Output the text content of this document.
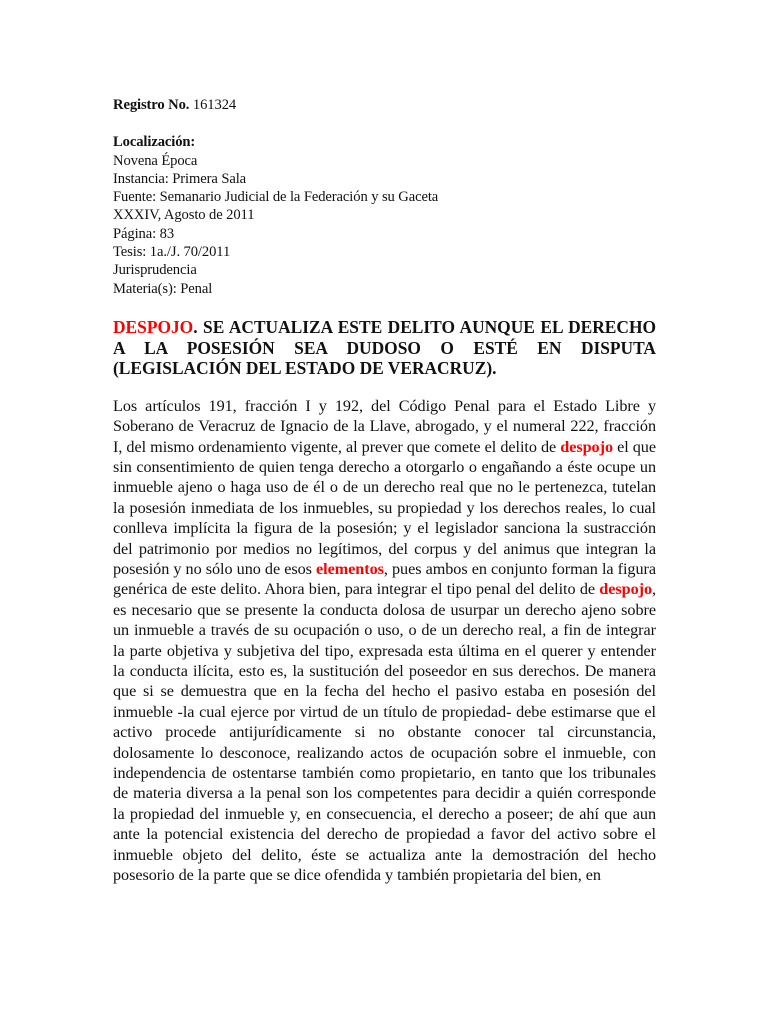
Registro No. 161324

Localización:

Novena Época

Instancia: Primera Sala

Fuente: Semanario Judicial de la Federación y su Gaceta

XXXIV, Agosto de 2011

Página: 83

Tesis: 1a./J. 70/2011

Jurisprudencia

Materia(s): Penal

DESPOJO. SE ACTUALIZA ESTE DELITO AUNQUE EL DERECHO A LA POSESIÓN SEA DUDOSO O ESTÉ EN DISPUTA (LEGISLACIÓN DEL ESTADO DE VERACRUZ).

Los artículos 191, fracción I y 192, del Código Penal para el Estado Libre y Soberano de Veracruz de Ignacio de la Llave, abrogado, y el numeral 222, fracción I, del mismo ordenamiento vigente, al prever que comete el delito de despojo el que sin consentimiento de quien tenga derecho a otorgarlo o engañando a éste ocupe un inmueble ajeno o haga uso de él o de un derecho real que no le pertenezca, tutelan la posesión inmediata de los inmuebles, su propiedad y los derechos reales, lo cual conlleva implícita la figura de la posesión; y el legislador sanciona la sustracción del patrimonio por medios no legítimos, del corpus y del animus que integran la posesión y no sólo uno de esos elementos, pues ambos en conjunto forman la figura genérica de este delito. Ahora bien, para integrar el tipo penal del delito de despojo, es necesario que se presente la conducta dolosa de usurpar un derecho ajeno sobre un inmueble a través de su ocupación o uso, o de un derecho real, a fin de integrar la parte objetiva y subjetiva del tipo, expresada esta última en el querer y entender la conducta ilícita, esto es, la sustitución del poseedor en sus derechos. De manera que si se demuestra que en la fecha del hecho el pasivo estaba en posesión del inmueble -la cual ejerce por virtud de un título de propiedad- debe estimarse que el activo procede antijurídicamente si no obstante conocer tal circunstancia, dolosamente lo desconoce, realizando actos de ocupación sobre el inmueble, con independencia de ostentarse también como propietario, en tanto que los tribunales de materia diversa a la penal son los competentes para decidir a quién corresponde la propiedad del inmueble y, en consecuencia, el derecho a poseer; de ahí que aun ante la potencial existencia del derecho de propiedad a favor del activo sobre el inmueble objeto del delito, éste se actualiza ante la demostración del hecho posesorio de la parte que se dice ofendida y también propietaria del bien, en
